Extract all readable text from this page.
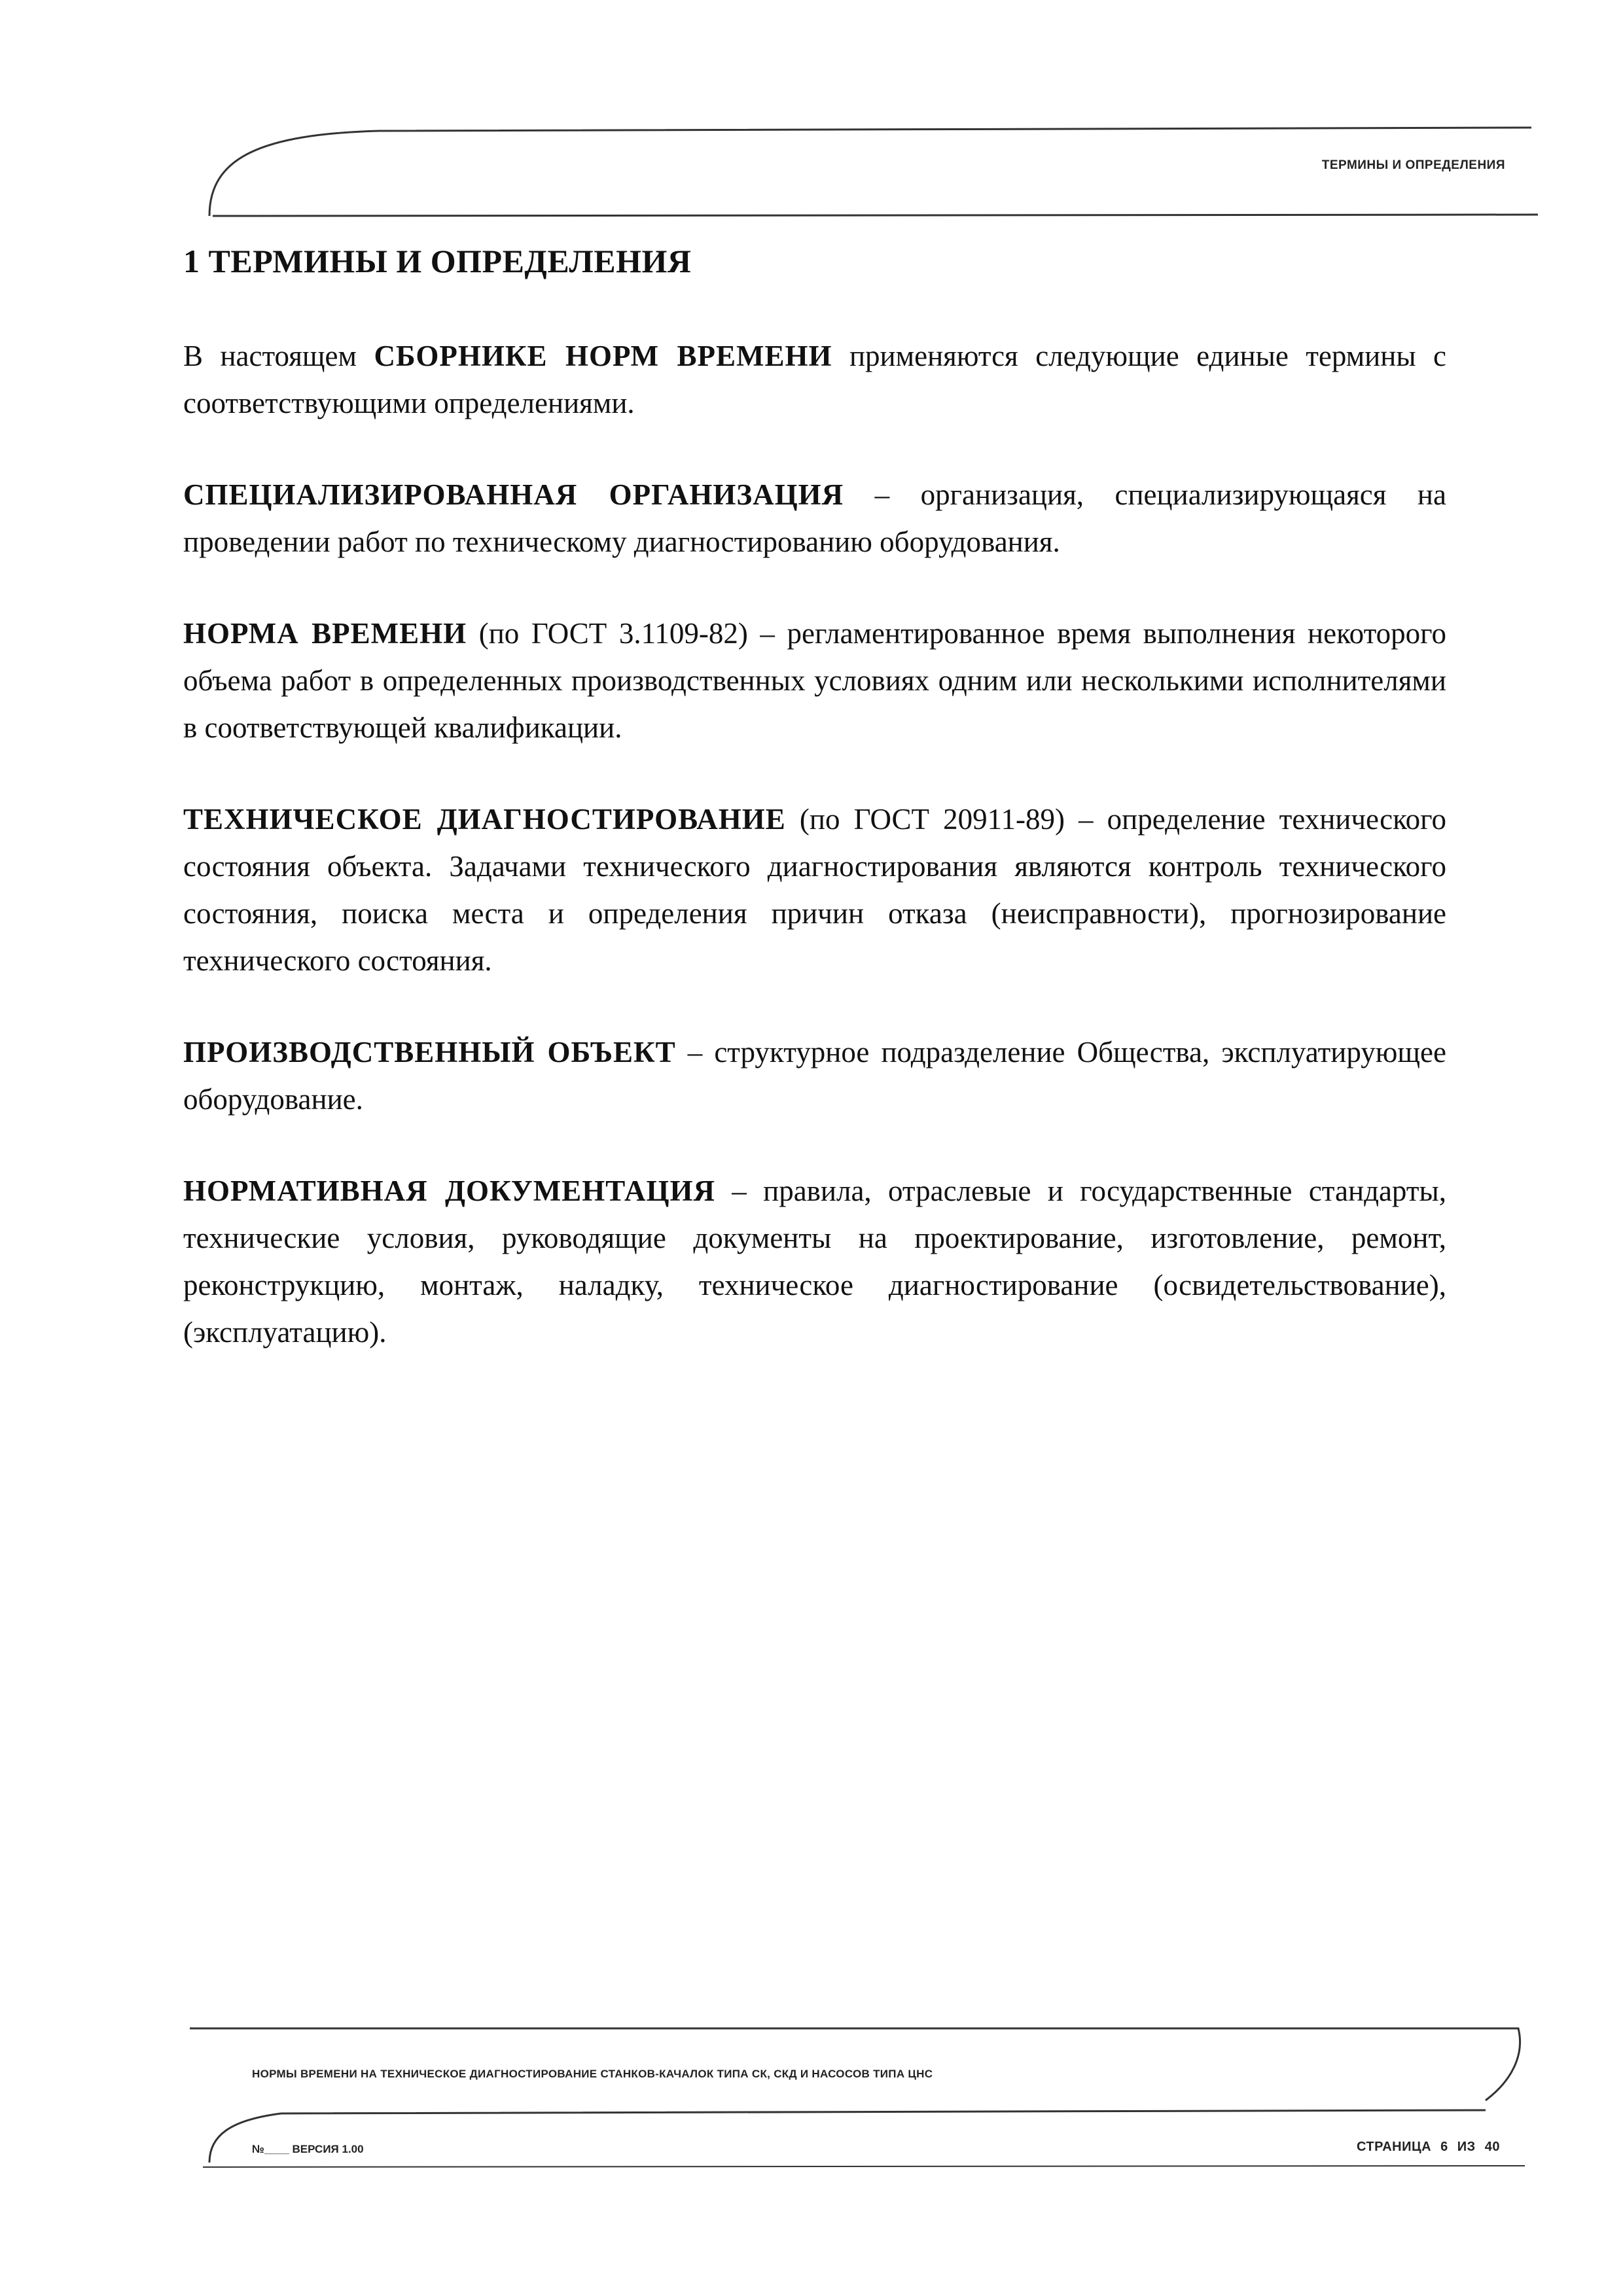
ТЕРМИНЫ И ОПРЕДЕЛЕНИЯ
1 ТЕРМИНЫ И ОПРЕДЕЛЕНИЯ

В настоящем СБОРНИКЕ НОРМ ВРЕМЕНИ применяются следующие единые термины с соответствующими определениями.

СПЕЦИАЛИЗИРОВАННАЯ ОРГАНИЗАЦИЯ – организация, специализирующаяся на проведении работ по техническому диагностированию оборудования.

НОРМА ВРЕМЕНИ (по ГОСТ 3.1109-82) – регламентированное время выполнения некоторого объема работ в определенных производственных условиях одним или несколькими исполнителями в соответствующей квалификации.

ТЕХНИЧЕСКОЕ ДИАГНОСТИРОВАНИЕ (по ГОСТ 20911-89) – определение технического состояния объекта. Задачами технического диагностирования являются контроль технического состояния, поиска места и определения причин отказа (неисправности), прогнозирование технического состояния.

ПРОИЗВОДСТВЕННЫЙ ОБЪЕКТ – структурное подразделение Общества, эксплуатирующее оборудование.

НОРМАТИВНАЯ ДОКУМЕНТАЦИЯ – правила, отраслевые и государственные стандарты, технические условия, руководящие документы на проектирование, изготовление, ремонт, реконструкцию, монтаж, наладку, техническое диагностирование (освидетельствование), (эксплуатацию).

НОРМЫ ВРЕМЕНИ НА ТЕХНИЧЕСКОЕ ДИАГНОСТИРОВАНИЕ СТАНКОВ-КАЧАЛОК ТИПА СК, СКД И НАСОСОВ ТИПА ЦНС
№____ ВЕРСИЯ 1.00	СТРАНИЦА 6 ИЗ 40
